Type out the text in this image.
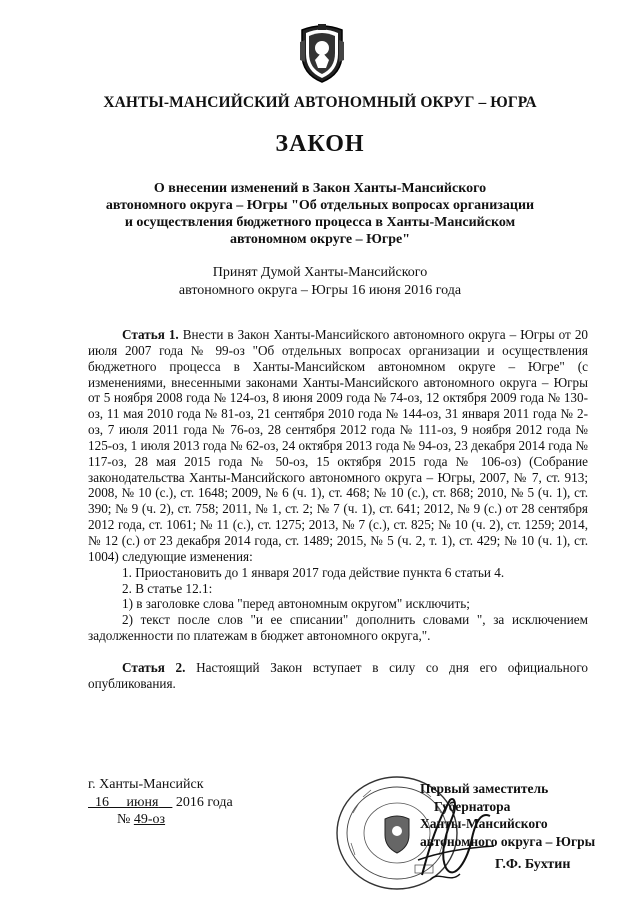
ХАНТЫ-МАНСИЙСКИЙ АВТОНОМНЫЙ ОКРУГ – ЮГРА
ЗАКОН
О внесении изменений в Закон Ханты-Мансийского
автономного округа – Югры "Об отдельных вопросах организации
и осуществления бюджетного процесса в Ханты-Мансийском
автономном округе – Югре"
Принят Думой Ханты-Мансийского
автономного округа – Югры 16 июня 2016 года

Статья 1. Внести в Закон Ханты-Мансийского автономного округа – Югры от 20 июля 2007 года № 99-оз "Об отдельных вопросах организации и осуществления бюджетного процесса в Ханты-Мансийском автономном округе – Югре" (с изменениями, внесенными законами Ханты-Мансийского автономного округа – Югры от 5 ноября 2008 года № 124-оз, 8 июня 2009 года № 74-оз, 12 октября 2009 года № 130-оз, 11 мая 2010 года № 81-оз, 21 сентября 2010 года № 144-оз, 31 января 2011 года № 2-оз, 7 июля 2011 года № 76-оз, 28 сентября 2012 года № 111-оз, 9 ноября 2012 года № 125-оз, 1 июля 2013 года № 62-оз, 24 октября 2013 года № 94-оз, 23 декабря 2014 года № 117-оз, 28 мая 2015 года № 50-оз, 15 октября 2015 года № 106-оз) (Собрание законодательства Ханты-Мансийского автономного округа – Югры, 2007, № 7, ст. 913; 2008, № 10 (с.), ст. 1648; 2009, № 6 (ч. 1), ст. 468; № 10 (с.), ст. 868; 2010, № 5 (ч. 1), ст. 390; № 9 (ч. 2), ст. 758; 2011, № 1, ст. 2; № 7 (ч. 1), ст. 641; 2012, № 9 (с.) от 28 сентября 2012 года, ст. 1061; № 11 (с.), ст. 1275; 2013, № 7 (с.), ст. 825; № 10 (ч. 2), ст. 1259; 2014, № 12 (с.) от 23 декабря 2014 года, ст. 1489; 2015, № 5 (ч. 2, т. 1), ст. 429; № 10 (ч. 1), ст. 1004) следующие изменения:

1. Приостановить до 1 января 2017 года действие пункта 6 статьи 4.

2. В статье 12.1:

1) в заголовке слова "перед автономным округом" исключить;

2) текст после слов "и ее списании" дополнить словами ", за исключением задолженности по платежам в бюджет автономного округа,".

Статья 2. Настоящий Закон вступает в силу со дня его официального опубликования.

г. Ханты-Мансийск
16 июня 2016 года
№ 49-оз
Первый заместитель
Губернатора
Ханты-Мансийского
автономного округа – Югры
Г.Ф. Бухтин
